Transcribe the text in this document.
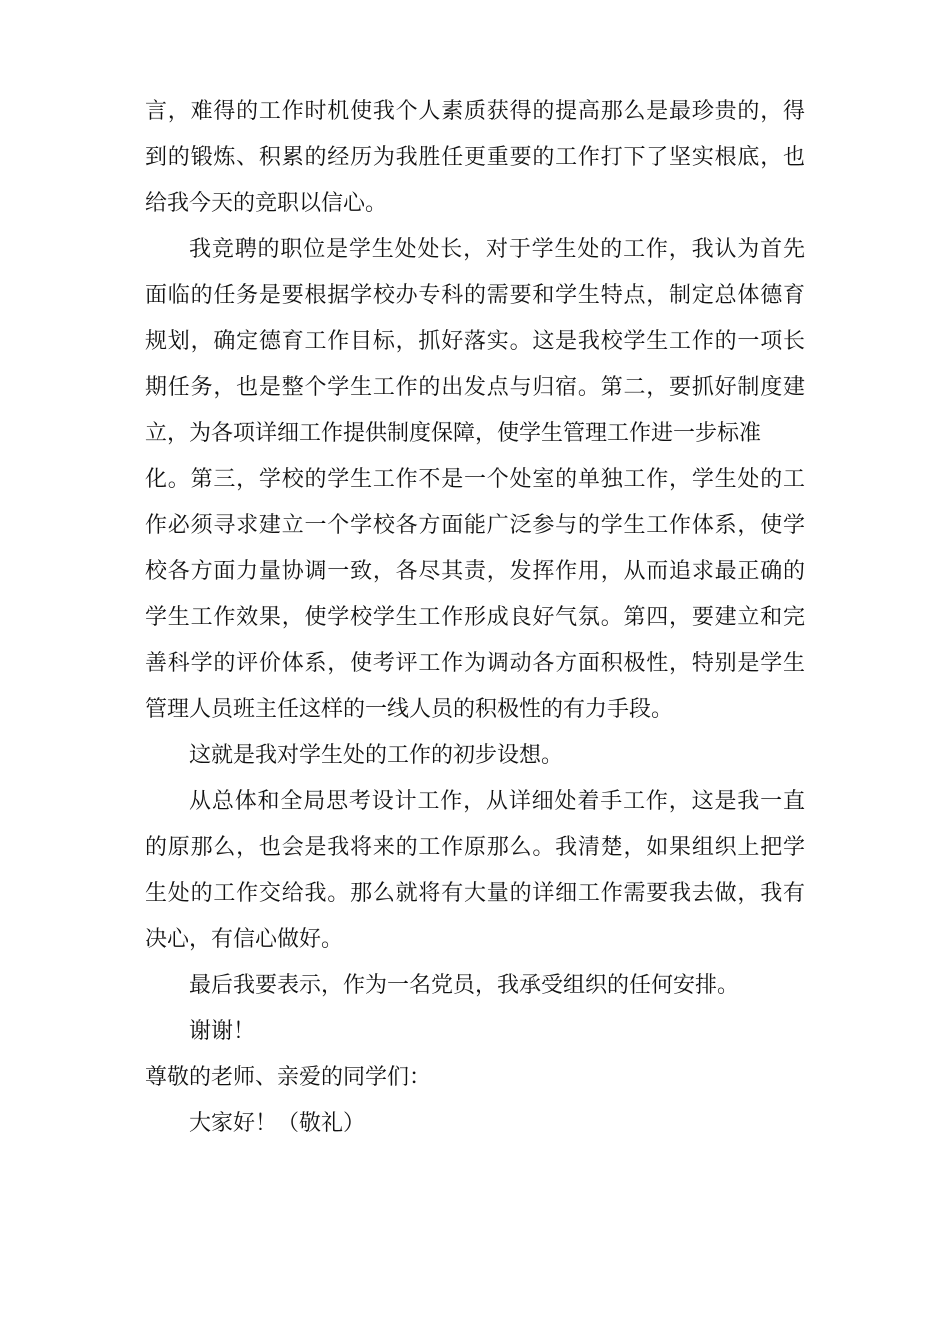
言，难得的工作时机使我个人素质获得的提高那么是最珍贵的，得
到的锻炼、积累的经历为我胜任更重要的工作打下了坚实根底，也
给我今天的竞职以信心。
我竞聘的职位是学生处处长，对于学生处的工作，我认为首先
面临的任务是要根据学校办专科的需要和学生特点，制定总体德育
规划，确定德育工作目标，抓好落实。这是我校学生工作的一项长
期任务，也是整个学生工作的出发点与归宿。第二，要抓好制度建
立，为各项详细工作提供制度保障，使学生管理工作进一步标准
化。第三，学校的学生工作不是一个处室的单独工作，学生处的工
作必须寻求建立一个学校各方面能广泛参与的学生工作体系，使学
校各方面力量协调一致，各尽其责，发挥作用，从而追求最正确的
学生工作效果，使学校学生工作形成良好气氛。第四，要建立和完
善科学的评价体系，使考评工作为调动各方面积极性，特别是学生
管理人员班主任这样的一线人员的积极性的有力手段。
这就是我对学生处的工作的初步设想。
从总体和全局思考设计工作，从详细处着手工作，这是我一直
的原那么，也会是我将来的工作原那么。我清楚，如果组织上把学
生处的工作交给我。那么就将有大量的详细工作需要我去做，我有
决心，有信心做好。
最后我要表示，作为一名党员，我承受组织的任何安排。
谢谢！
尊敬的老师、亲爱的同学们：
大家好！（敬礼）
